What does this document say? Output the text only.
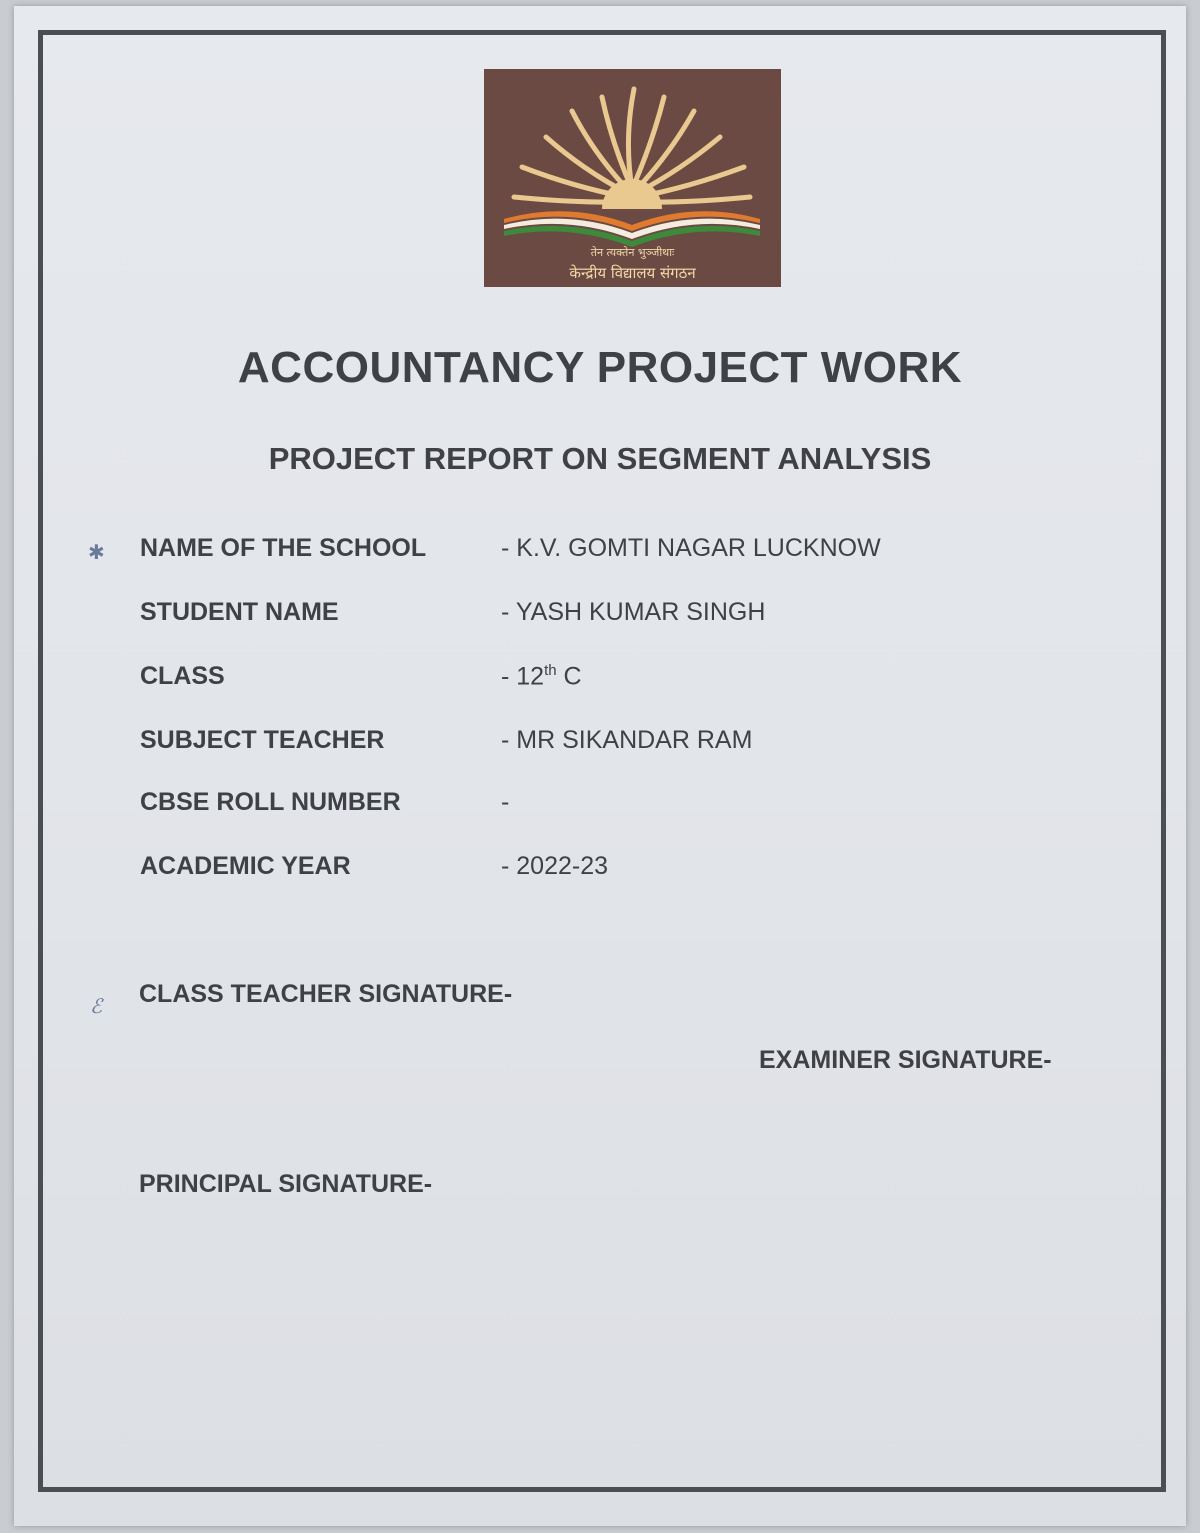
तेन त्यक्तेन भुञ्जीथाः
केन्द्रीय विद्यालय संगठन
ACCOUNTANCY PROJECT WORK
PROJECT REPORT ON SEGMENT ANALYSIS
✱ NAME OF THE SCHOOL	- K.V. GOMTI NAGAR LUCKNOW
STUDENT NAME	- YASH KUMAR SINGH
CLASS	- 12th C
SUBJECT TEACHER	- MR SIKANDAR RAM
CBSE ROLL NUMBER	-
ACADEMIC YEAR	- 2022-23
ℰ CLASS TEACHER SIGNATURE-
EXAMINER SIGNATURE-
PRINCIPAL SIGNATURE-
